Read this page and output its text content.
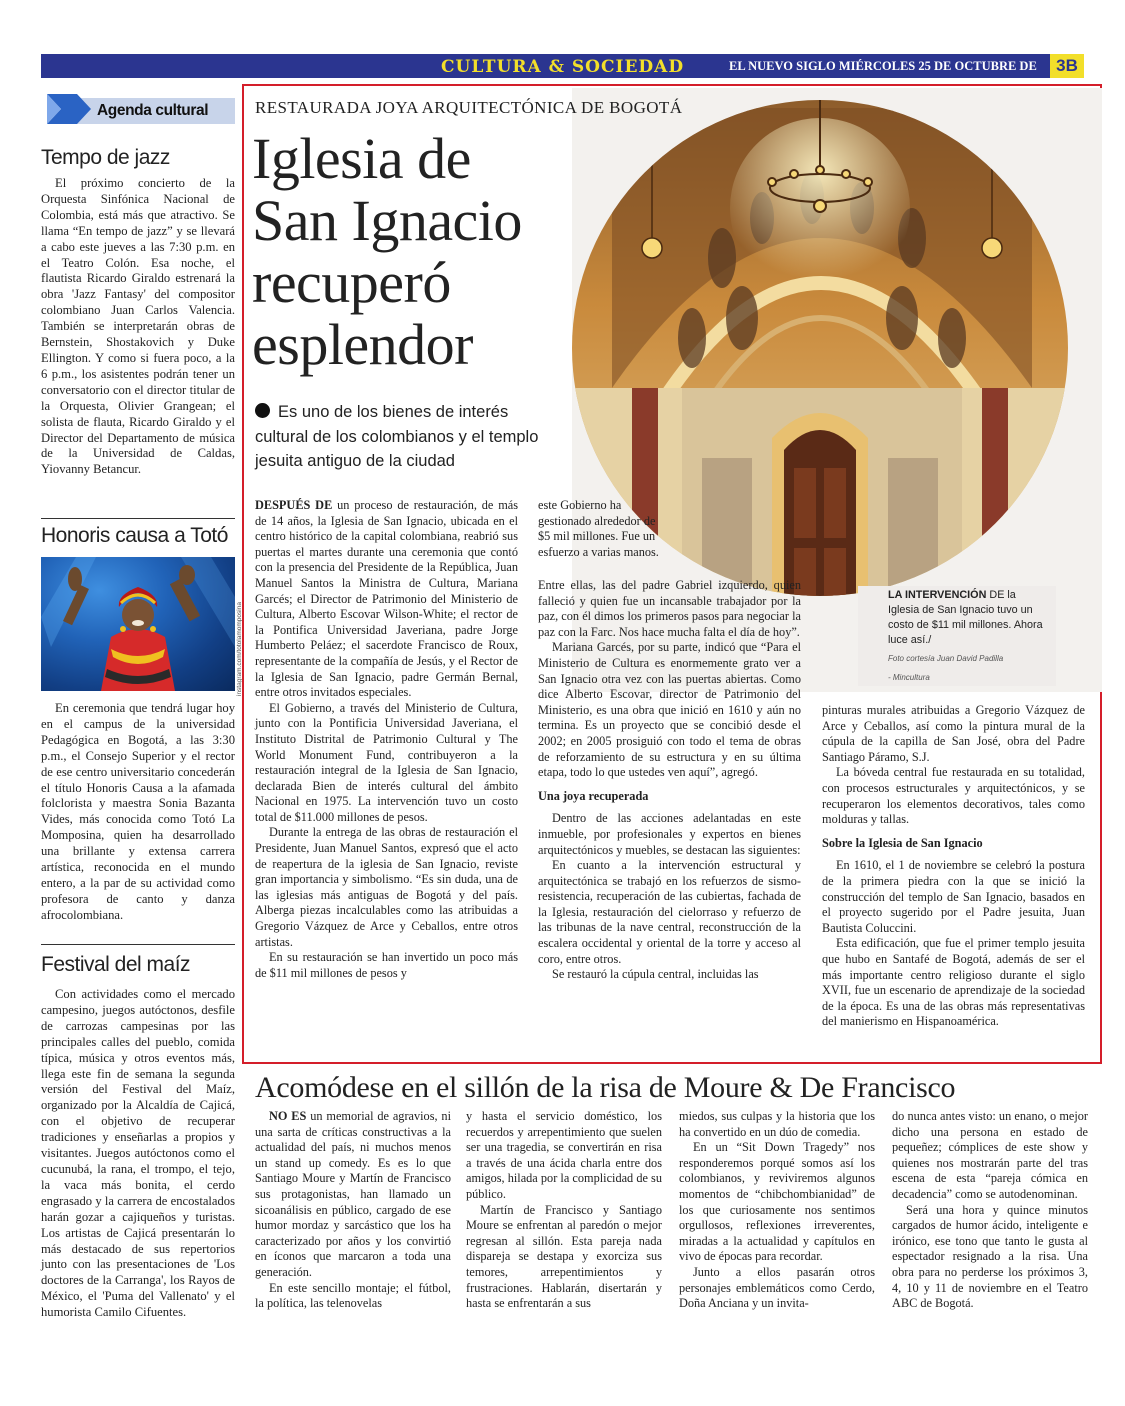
CULTURA & SOCIEDAD	EL NUEVO SIGLO MIÉRCOLES 25 DE OCTUBRE DE	3B
Agenda cultural
Tempo de jazz

El próximo concierto de la Orquesta Sinfónica Nacional de Colombia, está más que atractivo. Se llama “En tempo de jazz” y se llevará a cabo este jueves a las 7:30 p.m. en el Teatro Colón. Esa noche, el flautista Ricardo Giraldo estrenará la obra 'Jazz Fantasy' del compositor colombiano Juan Carlos Valencia. También se interpretarán obras de Bernstein, Shostakovich y Duke Ellington. Y como si fuera poco, a la 6 p.m., los asistentes podrán tener un conversatorio con el director titular de la Orquesta, Olivier Grangean; el solista de flauta, Ricardo Giraldo y el Director del Departamento de música de la Universidad de Caldas, Yiovanny Betancur.

Honoris causa a Totó
instagram.com/totolamomposina

En ceremonia que tendrá lugar hoy en el campus de la universidad Pedagógica en Bogotá, a las 3:30 p.m., el Consejo Superior y el rector de ese centro universitario concederán el título Honoris Causa a la afamada folclorista y maestra Sonia Bazanta Vides, más conocida como Totó La Momposina, quien ha desarrollado una brillante y extensa carrera artística, reconocida en el mundo entero, a la par de su actividad como profesora de canto y danza afrocolombiana.

Festival del maíz

Con actividades como el mercado campesino, juegos autóctonos, desfile de carrozas campesinas por las principales calles del pueblo, comida típica, música y otros eventos más, llega este fin de semana la segunda versión del Festival del Maíz, organizado por la Alcaldía de Cajicá, con el objetivo de recuperar tradiciones y enseñarlas a propios y visitantes. Juegos autóctonos como el cucunubá, la rana, el trompo, el tejo, la vaca más bonita, el cerdo engrasado y la carrera de encostalados harán gozar a cajiqueños y turistas. Los artistas de Cajicá presentarán lo más destacado de sus repertorios junto con las presentaciones de 'Los doctores de la Carranga', los Rayos de México, el 'Puma del Vallenato' y el humorista Camilo Cifuentes.

RESTAURADA JOYA ARQUITECTÓNICA DE BOGOTÁ
Iglesia de
San Ignacio
recuperó
esplendor
Es uno de los bienes de interés cultural de los colombianos y el templo jesuita antiguo de la ciudad
LA INTERVENCIÓN DE la Iglesia de San Ignacio tuvo un costo de $11 mil millones. Ahora luce así./
Foto cortesía Juan David Padilla
- Mincultura

DESPUÉS DE un proceso de restauración, de más de 14 años, la Iglesia de San Ignacio, ubicada en el centro histórico de la capital colombiana, reabrió sus puertas el martes durante una ceremonia que contó con la presencia del Presidente de la República, Juan Manuel Santos la Ministra de Cultura, Mariana Garcés; el Director de Patrimonio del Ministerio de Cultura, Alberto Escovar Wilson-White; el rector de la Pontifica Universidad Javeriana, padre Jorge Humberto Peláez; el sacerdote Francisco de Roux, representante de la compañía de Jesús, y el Rector de la Iglesia de San Ignacio, padre Germán Bernal, entre otros invitados especiales.

El Gobierno, a través del Ministerio de Cultura, junto con la Pontificia Universidad Javeriana, el Instituto Distrital de Patrimonio Cultural y The World Monument Fund, contribuyeron a la restauración integral de la Iglesia de San Ignacio, declarada Bien de interés cultural del ámbito Nacional en 1975. La intervención tuvo un costo total de $11.000 millones de pesos.

Durante la entrega de las obras de restauración el Presidente, Juan Manuel Santos, expresó que el acto de reapertura de la iglesia de San Ignacio, reviste gran importancia y simbolismo. “Es sin duda, una de las iglesias más antiguas de Bogotá y del país. Alberga piezas incalculables como las atribuidas a Gregorio Vázquez de Arce y Ceballos, entre otros artistas.

En su restauración se han invertido un poco más de $11 mil millones de pesos y

este Gobierno ha gestionado alrededor de $5 mil millones. Fue un esfuerzo a varias manos.

Entre ellas, las del padre Gabriel izquierdo, quien falleció y quien fue un incansable trabajador por la paz, con él dimos los primeros pasos para negociar la paz con la Farc. Nos hace mucha falta el día de hoy”.

Mariana Garcés, por su parte, indicó que “Para el Ministerio de Cultura es enormemente grato ver a San Ignacio otra vez con las puertas abiertas. Como dice Alberto Escovar, director de Patrimonio del Ministerio, es una obra que inició en 1610 y aún no termina. Es un proyecto que se concibió desde el 2002; en 2005 prosiguió con todo el tema de obras de reforzamiento de su estructura y en su última etapa, todo lo que ustedes ven aquí”, agregó.

Una joya recuperada

Dentro de las acciones adelantadas en este inmueble, por profesionales y expertos en bienes arquitectónicos y muebles, se destacan las siguientes:

En cuanto a la intervención estructural y arquitectónica se trabajó en los refuerzos de sismo-resistencia, recuperación de las cubiertas, fachada de la Iglesia, restauración del cielorraso y refuerzo de las tribunas de la nave central, reconstrucción de la escalera occidental y oriental de la torre y acceso al coro, entre otros.

Se restauró la cúpula central, incluidas las

pinturas murales atribuidas a Gregorio Vázquez de Arce y Ceballos, así como la pintura mural de la cúpula de la capilla de San José, obra del Padre Santiago Páramo, S.J.

La bóveda central fue restaurada en su totalidad, con procesos estructurales y arquitectónicos, y se recuperaron los elementos decorativos, tales como molduras y tallas.

Sobre la Iglesia de San Ignacio

En 1610, el 1 de noviembre se celebró la postura de la primera piedra con la que se inició la construcción del templo de San Ignacio, basados en el proyecto sugerido por el Padre jesuita, Juan Bautista Coluccini.

Esta edificación, que fue el primer templo jesuita que hubo en Santafé de Bogotá, además de ser el más importante centro religioso durante el siglo XVII, fue un escenario de aprendizaje de la sociedad de la época. Es una de las obras más representativas del manierismo en Hispanoamérica.

Acomódese en el sillón de la risa de Moure & De Francisco

NO ES un memorial de agravios, ni una sarta de críticas constructivas a la actualidad del país, ni muchos menos un stand up comedy. Es es lo que Santiago Moure y Martín de Francisco sus protagonistas, han llamado un sicoanálisis en público, cargado de ese humor mordaz y sarcástico que los ha caracterizado por años y los convirtió en íconos que marcaron a toda una generación.

En este sencillo montaje; el fútbol, la política, las telenovelas

y hasta el servicio doméstico, los recuerdos y arrepentimiento que suelen ser una tragedia, se convertirán en risa a través de una ácida charla entre dos amigos, hilada por la complicidad de su público.

Martín de Francisco y Santiago Moure se enfrentan al paredón o mejor regresan al sillón. Esta pareja nada dispareja se destapa y exorciza sus temores, arrepentimientos y frustraciones. Hablarán, disertarán y hasta se enfrentarán a sus

miedos, sus culpas y la historia que los ha convertido en un dúo de comedia.

En un “Sit Down Tragedy” nos responderemos porqué somos así los colombianos, y reviviremos algunos momentos de “chibchombianidad” de los que curiosamente nos sentimos orgullosos, reflexiones irreverentes, miradas a la actualidad y capítulos en vivo de épocas para recordar.

Junto a ellos pasarán otros personajes emblemáticos como Cerdo, Doña Anciana y un invita-

do nunca antes visto: un enano, o mejor dicho una persona en estado de pequeñez; cómplices de este show y quienes nos mostrarán parte del tras escena de esta “pareja cómica en decadencia” como se autodenominan.

Será una hora y quince minutos cargados de humor ácido, inteligente e irónico, ese tono que tanto le gusta al espectador resignado a la risa. Una obra para no perderse los próximos 3, 4, 10 y 11 de noviembre en el Teatro ABC de Bogotá.
